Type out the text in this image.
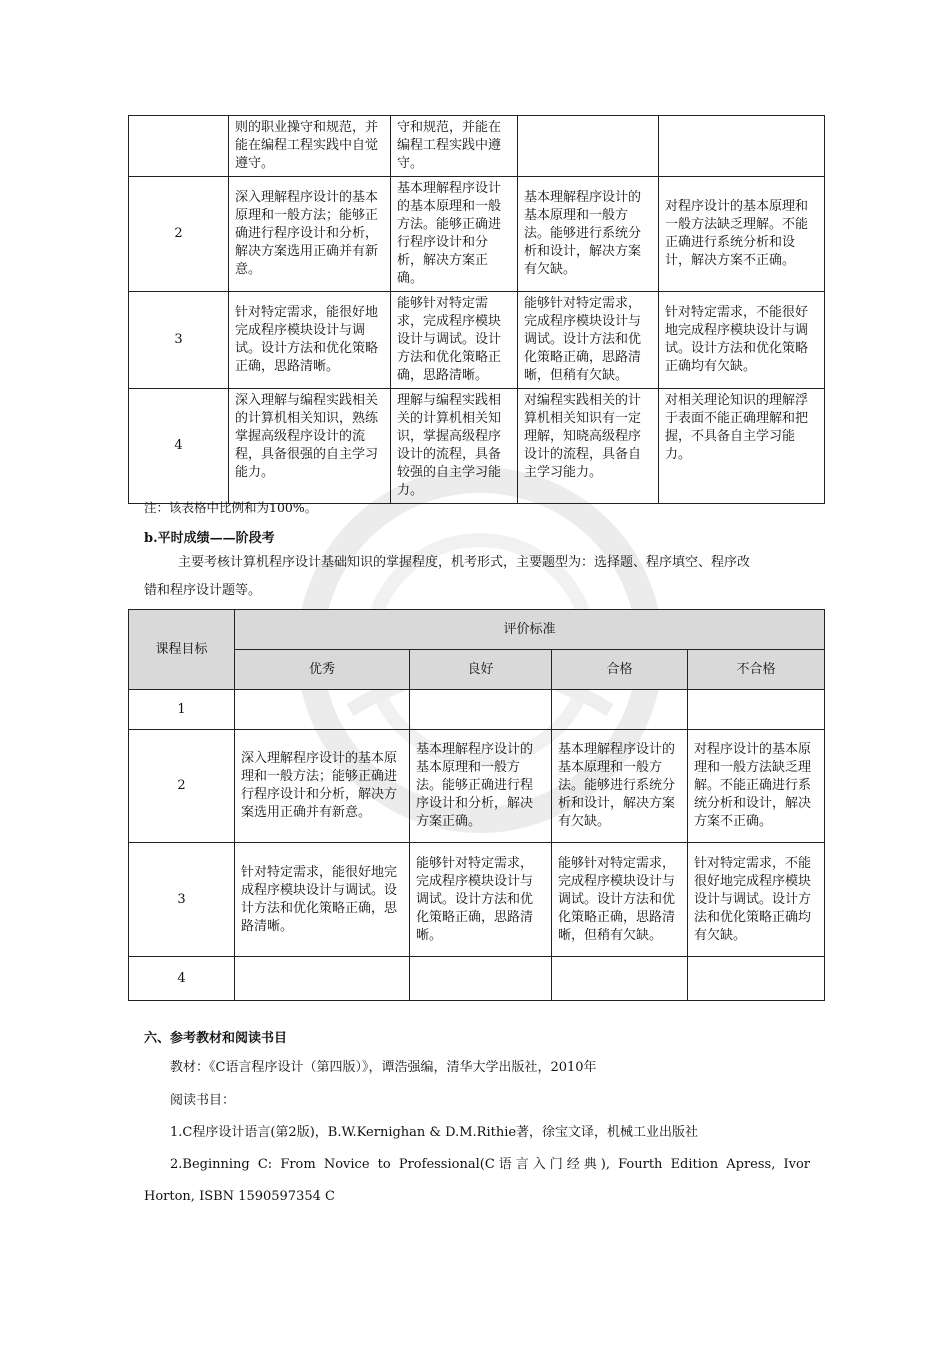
	则的职业操守和规范，并能在编程工程实践中自觉遵守。	守和规范，并能在编程工程实践中遵守。		
2	深入理解程序设计的基本原理和一般方法；能够正确进行程序设计和分析，解决方案选用正确并有新意。	基本理解程序设计的基本原理和一般方法。能够正确进行程序设计和分析，解决方案正确。	基本理解程序设计的基本原理和一般方法。能够进行系统分析和设计，解决方案有欠缺。	对程序设计的基本原理和一般方法缺乏理解。不能正确进行系统分析和设计，解决方案不正确。
3	针对特定需求，能很好地完成程序模块设计与调试。设计方法和优化策略正确，思路清晰。	能够针对特定需求，完成程序模块设计与调试。设计方法和优化策略正确，思路清晰。	能够针对特定需求，完成程序模块设计与调试。设计方法和优化策略正确，思路清晰，但稍有欠缺。	针对特定需求，不能很好地完成程序模块设计与调试。设计方法和优化策略正确均有欠缺。
4	深入理解与编程实践相关的计算机相关知识，熟练掌握高级程序设计的流程，具备很强的自主学习能力。	理解与编程实践相关的计算机相关知识，掌握高级程序设计的流程，具备较强的自主学习能力。	对编程实践相关的计算机相关知识有一定理解，知晓高级程序设计的流程，具备自主学习能力。	对相关理论知识的理解浮于表面不能正确理解和把握，不具备自主学习能力。
注：该表格中比例和为100%。
b.平时成绩——阶段考
主要考核计算机程序设计基础知识的掌握程度，机考形式，主要题型为：选择题、程序填空、程序改
错和程序设计题等。
课程目标	评价标准			
	优秀	良好	合格	不合格
1				
2	深入理解程序设计的基本原理和一般方法；能够正确进行程序设计和分析，解决方案选用正确并有新意。	基本理解程序设计的基本原理和一般方法。能够正确进行程序设计和分析，解决方案正确。	基本理解程序设计的基本原理和一般方法。能够进行系统分析和设计，解决方案有欠缺。	对程序设计的基本原理和一般方法缺乏理解。不能正确进行系统分析和设计，解决方案不正确。
3	针对特定需求，能很好地完成程序模块设计与调试。设计方法和优化策略正确，思路清晰。	能够针对特定需求，完成程序模块设计与调试。设计方法和优化策略正确，思路清晰。	能够针对特定需求，完成程序模块设计与调试。设计方法和优化策略正确，思路清晰，但稍有欠缺。	针对特定需求，不能很好地完成程序模块设计与调试。设计方法和优化策略正确均有欠缺。
4				
六、参考教材和阅读书目
教材：《C语言程序设计（第四版）》，谭浩强编，清华大学出版社，2010年
阅读书目：
1.C程序设计语言(第2版)，B.W.Kernighan & D.M.Rithie著，徐宝文译，机械工业出版社
2.Beginning C: From Novice to Professional(C语言入门经典), Fourth Edition Apress, Ivor
Horton, ISBN 1590597354 C
